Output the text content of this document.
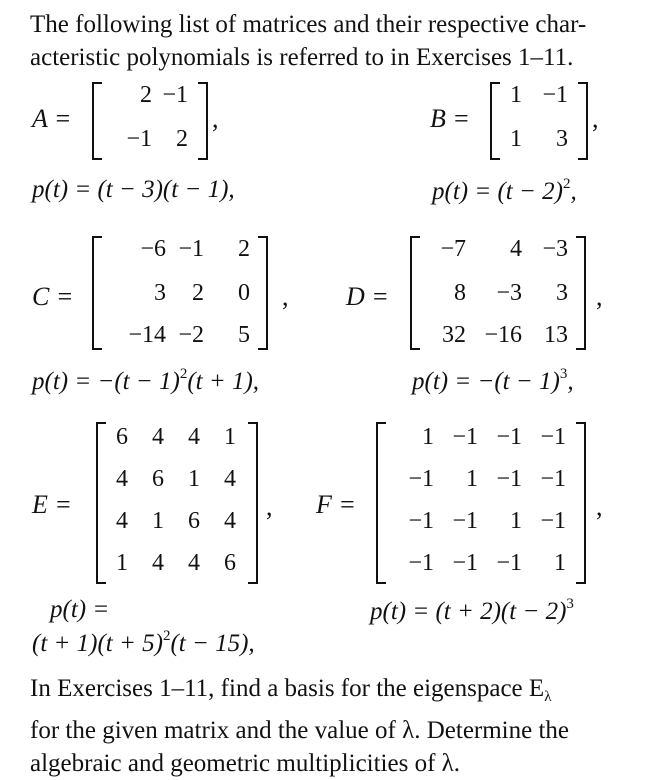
The following list of matrices and their respective char-
acteristic polynomials is referred to in Exercises 1–11.
A =
2 −1
−1	2
,	B =
1 −1
1	3
,
p(t) = (t − 3)(t − 1),	$p(t) = (t - 2)^2$,
C =
−6 −1	2
3	2	0
−14 −2	5
, D =
−7	4 −3
8	−3	3
32 −16 13
,
$p(t) = -(t - 1)^2(t + 1)$,	$p(t) = -(t - 1)^3$,
E =
6	4	4	1
4	6	1	4
4	1	6	4
1	4	4	6
, F =
1 −1 −1 −1
−1	1 −1 −1
−1 −1	1 −1
−1 −1 −1	1
,
p(t) =
$(t + 1)(t + 5)^2(t - 15)$,
$p(t) = (t + 2)(t - 2)^3$
In Exercises 1–11, find a basis for the eigenspace $E_\lambda$
for the given matrix and the value of λ. Determine the
algebraic and geometric multiplicities of λ.
